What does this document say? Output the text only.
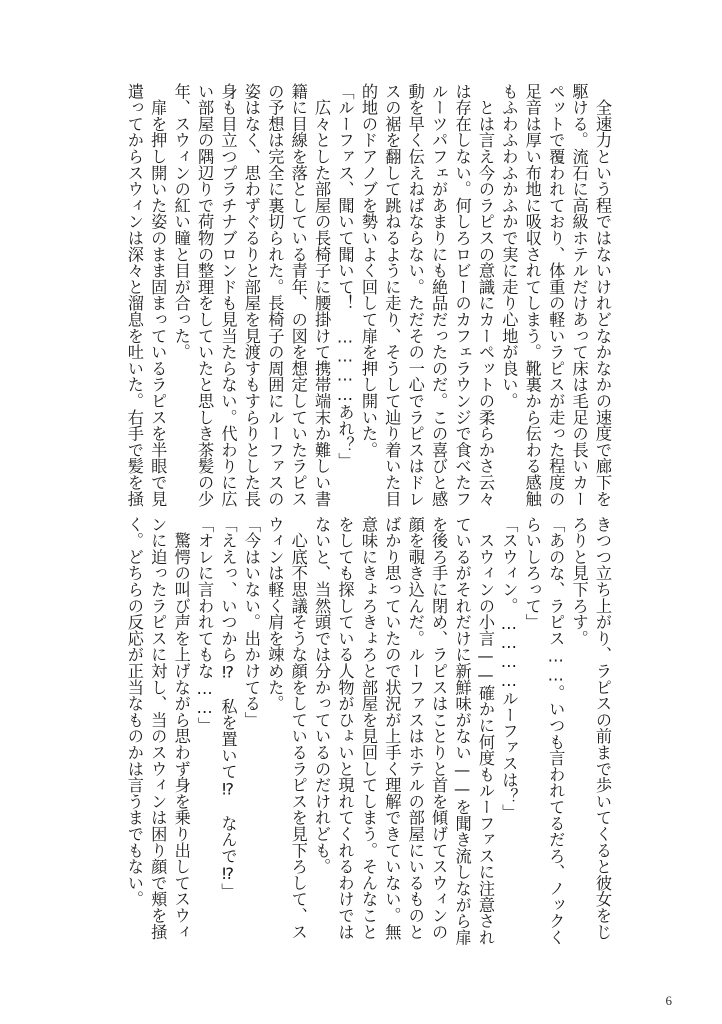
　全速力という程ではないけれどなかなかの速度で廊下を
駆ける。流石に高級ホテルだけあって床は毛足の長いカー
ペットで覆われており、体重の軽いラピスが走った程度の
足音は厚い布地に吸収されてしまう。靴裏から伝わる感触
もふわふわふかふかで実に走り心地が良い。
　とは言え今のラピスの意識にカーペットの柔らかさ云々
は存在しない。何しろロビーのカフェラウンジで食べたフ
ルーツパフェがあまりにも絶品だったのだ。この喜びと感
動を早く伝えねばならない。ただその一心でラピスはドレ
スの裾を翻して跳ねるように走り、そうして辿り着いた目
的地のドアノブを勢いよく回して扉を押し開いた。
「ルーファス、聞いて聞いて！　…………あれ？」
　広々とした部屋の長椅子に腰掛けて携帯端末か難しい書
籍に目線を落としている青年、の図を想定していたラピス
の予想は完全に裏切られた。長椅子の周囲にルーファスの
姿はなく、思わずぐるりと部屋を見渡すもすらりとした長
身も目立つプラチナブロンドも見当たらない。代わりに広
い部屋の隅辺りで荷物の整理をしていたと思しき茶髪の少
年、スウィンの紅い瞳と目が合った。
　扉を押し開いた姿のまま固まっているラピスを半眼で見
遣ってからスウィンは深々と溜息を吐いた。右手で髪を掻
きつつ立ち上がり、ラピスの前まで歩いてくると彼女をじ
ろりと見下ろす。
「あのな、ラピス……。いつも言われてるだろ、ノックく
らいしろって」
「スウィン。…………ルーファスは？」
　スウィンの小言——確かに何度もルーファスに注意され
ているがそれだけに新鮮味がない——を聞き流しながら扉
を後ろ手に閉め、ラピスはことりと首を傾げてスウィンの
顔を覗き込んだ。ルーファスはホテルの部屋にいるものと
ばかり思っていたので状況が上手く理解できていない。無
意味にきょろきょろと部屋を見回してしまう。そんなこと
をしても探している人物がひょいと現れてくれるわけでは
ないと、当然頭では分かっているのだけれども。
　心底不思議そうな顔をしているラピスを見下ろして、ス
ウィンは軽く肩を竦めた。
「今はいない。出かけてる」
「ええっ、いつから⁉　私を置いて⁉　なんで⁉」
「オレに言われてもな……」
　驚愕の叫び声を上げながら思わず身を乗り出してスウィ
ンに迫ったラピスに対し、当のスウィンは困り顔で頬を掻
く。どちらの反応が正当なものかは言うまでもない。
6
